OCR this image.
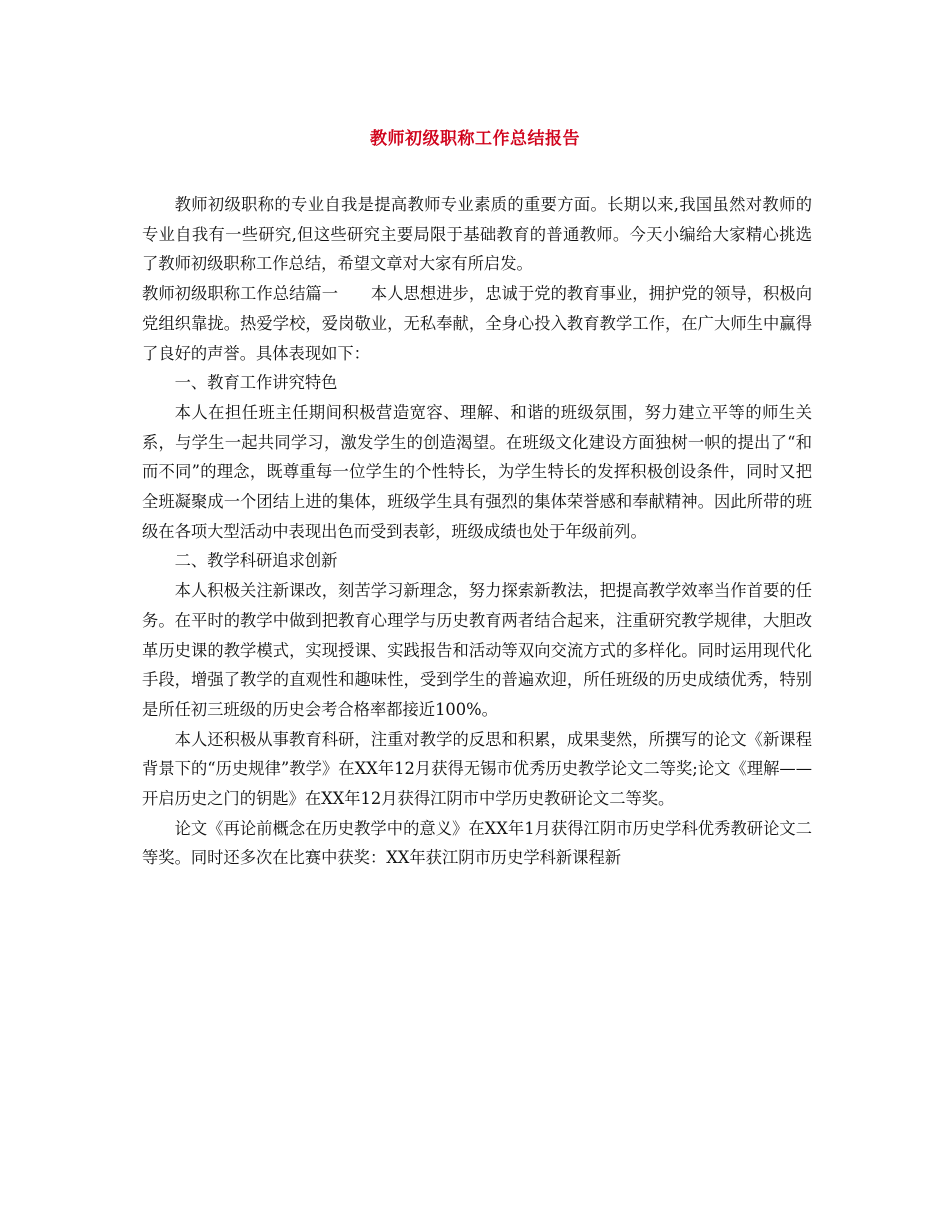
教师初级职称工作总结报告

教师初级职称的专业自我是提高教师专业素质的重要方面。长期以来,我国虽然对教师的专业自我有一些研究,但这些研究主要局限于基础教育的普通教师。今天小编给大家精心挑选了教师初级职称工作总结，希望文章对大家有所启发。

教师初级职称工作总结篇一　　本人思想进步，忠诚于党的教育事业，拥护党的领导，积极向党组织靠拢。热爱学校，爱岗敬业，无私奉献，全身心投入教育教学工作，在广大师生中赢得了良好的声誉。具体表现如下：

一、教育工作讲究特色

本人在担任班主任期间积极营造宽容、理解、和谐的班级氛围，努力建立平等的师生关系，与学生一起共同学习，激发学生的创造渴望。在班级文化建设方面独树一帜的提出了“和而不同”的理念，既尊重每一位学生的个性特长，为学生特长的发挥积极创设条件，同时又把全班凝聚成一个团结上进的集体，班级学生具有强烈的集体荣誉感和奉献精神。因此所带的班级在各项大型活动中表现出色而受到表彰，班级成绩也处于年级前列。

二、教学科研追求创新

本人积极关注新课改，刻苦学习新理念，努力探索新教法，把提高教学效率当作首要的任务。在平时的教学中做到把教育心理学与历史教育两者结合起来，注重研究教学规律，大胆改革历史课的教学模式，实现授课、实践报告和活动等双向交流方式的多样化。同时运用现代化手段，增强了教学的直观性和趣味性，受到学生的普遍欢迎，所任班级的历史成绩优秀，特别是所任初三班级的历史会考合格率都接近100%。

本人还积极从事教育科研，注重对教学的反思和积累，成果斐然，所撰写的论文《新课程背景下的“历史规律”教学》在XX年12月获得无锡市优秀历史教学论文二等奖;论文《理解——开启历史之门的钥匙》在XX年12月获得江阴市中学历史教研论文二等奖。

论文《再论前概念在历史教学中的意义》在XX年1月获得江阴市历史学科优秀教研论文二等奖。同时还多次在比赛中获奖：XX年获江阴市历史学科新课程新
